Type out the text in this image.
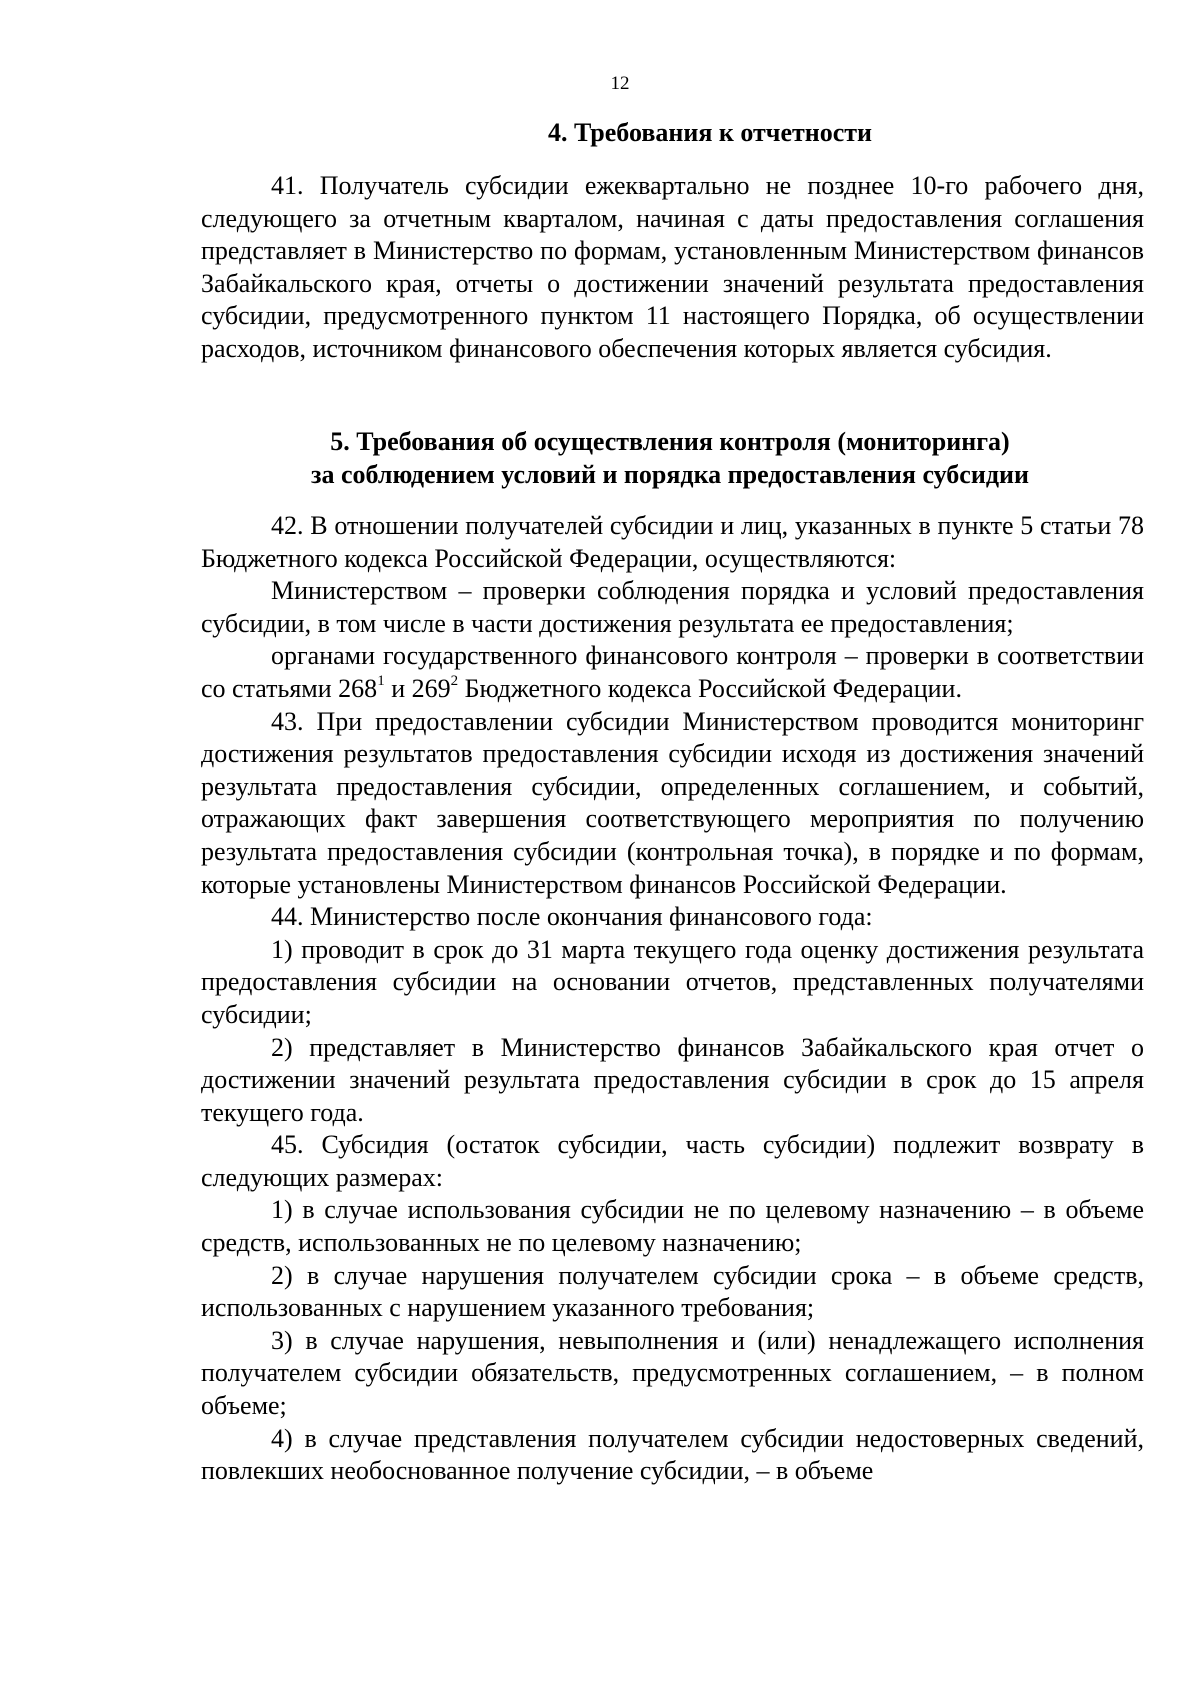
12
4. Требования к отчетности

41. Получатель субсидии ежеквартально не позднее 10-го рабочего дня, следующего за отчетным кварталом, начиная с даты предоставления соглашения представляет в Министерство по формам, установленным Министерством финансов Забайкальского края, отчеты о достижении значений результата предоставления субсидии, предусмотренного пунктом 11 настоящего Порядка, об осуществлении расходов, источником финансового обеспечения которых является субсидия.

5. Требования об осуществления контроля (мониторинга)
за соблюдением условий и порядка предоставления субсидии

42. В отношении получателей субсидии и лиц, указанных в пункте 5 статьи 78 Бюджетного кодекса Российской Федерации, осуществляются:

Министерством – проверки соблюдения порядка и условий предоставления субсидии, в том числе в части достижения результата ее предоставления;

органами государственного финансового контроля – проверки в соответствии со статьями $268^1$ и $269^2$ Бюджетного кодекса Российской Федерации.

43. При предоставлении субсидии Министерством проводится мониторинг достижения результатов предоставления субсидии исходя из достижения значений результата предоставления субсидии, определенных соглашением, и событий, отражающих факт завершения соответствующего мероприятия по получению результата предоставления субсидии (контрольная точка), в порядке и по формам, которые установлены Министерством финансов Российской Федерации.

44. Министерство после окончания финансового года:

1) проводит в срок до 31 марта текущего года оценку достижения результата предоставления субсидии на основании отчетов, представленных получателями субсидии;

2) представляет в Министерство финансов Забайкальского края отчет о достижении значений результата предоставления субсидии в срок до 15 апреля текущего года.

45. Субсидия (остаток субсидии, часть субсидии) подлежит возврату в следующих размерах:

1) в случае использования субсидии не по целевому назначению – в объеме средств, использованных не по целевому назначению;

2) в случае нарушения получателем субсидии срока – в объеме средств, использованных с нарушением указанного требования;

3) в случае нарушения, невыполнения и (или) ненадлежащего исполнения получателем субсидии обязательств, предусмотренных соглашением, – в полном объеме;

4) в случае представления получателем субсидии недостоверных сведений, повлекших необоснованное получение субсидии, – в объеме
